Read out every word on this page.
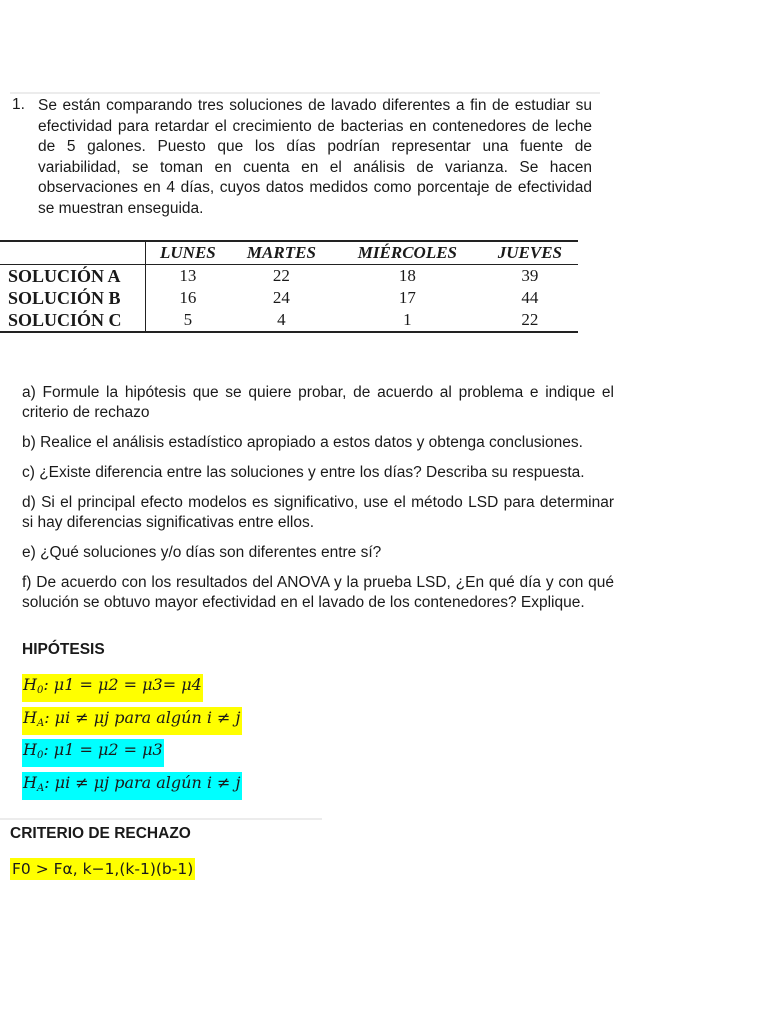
1. Se están comparando tres soluciones de lavado diferentes a fin de estudiar su efectividad para retardar el crecimiento de bacterias en contenedores de leche de 5 galones. Puesto que los días podrían representar una fuente de variabilidad, se toman en cuenta en el análisis de varianza. Se hacen observaciones en 4 días, cuyos datos medidos como porcentaje de efectividad se muestran enseguida.
	LUNES	MARTES	MIÉRCOLES	JUEVES
SOLUCIÓN A	13	22	18	39
SOLUCIÓN B	16	24	17	44
SOLUCIÓN C	5	4	1	22

a) Formule la hipótesis que se quiere probar, de acuerdo al problema e indique el criterio de rechazo

b) Realice el análisis estadístico apropiado a estos datos y obtenga conclusiones.

c) ¿Existe diferencia entre las soluciones y entre los días? Describa su respuesta.

d) Si el principal efecto modelos es significativo, use el método LSD para determinar si hay diferencias significativas entre ellos.

e) ¿Qué soluciones y/o días son diferentes entre sí?

f) De acuerdo con los resultados del ANOVA y la prueba LSD, ¿En qué día y con qué solución se obtuvo mayor efectividad en el lavado de los contenedores? Explique.

HIPÓTESIS
$H_0$: μ1 = μ2 = μ3= μ4
$H_A$: μi ≠ μj para algún i ≠ j
$H_0$: μ1 = μ2 = μ3
$H_A$: μi ≠ μj para algún i ≠ j
CRITERIO DE RECHAZO
F0 > Fα, k−1,(k-1)(b-1)
